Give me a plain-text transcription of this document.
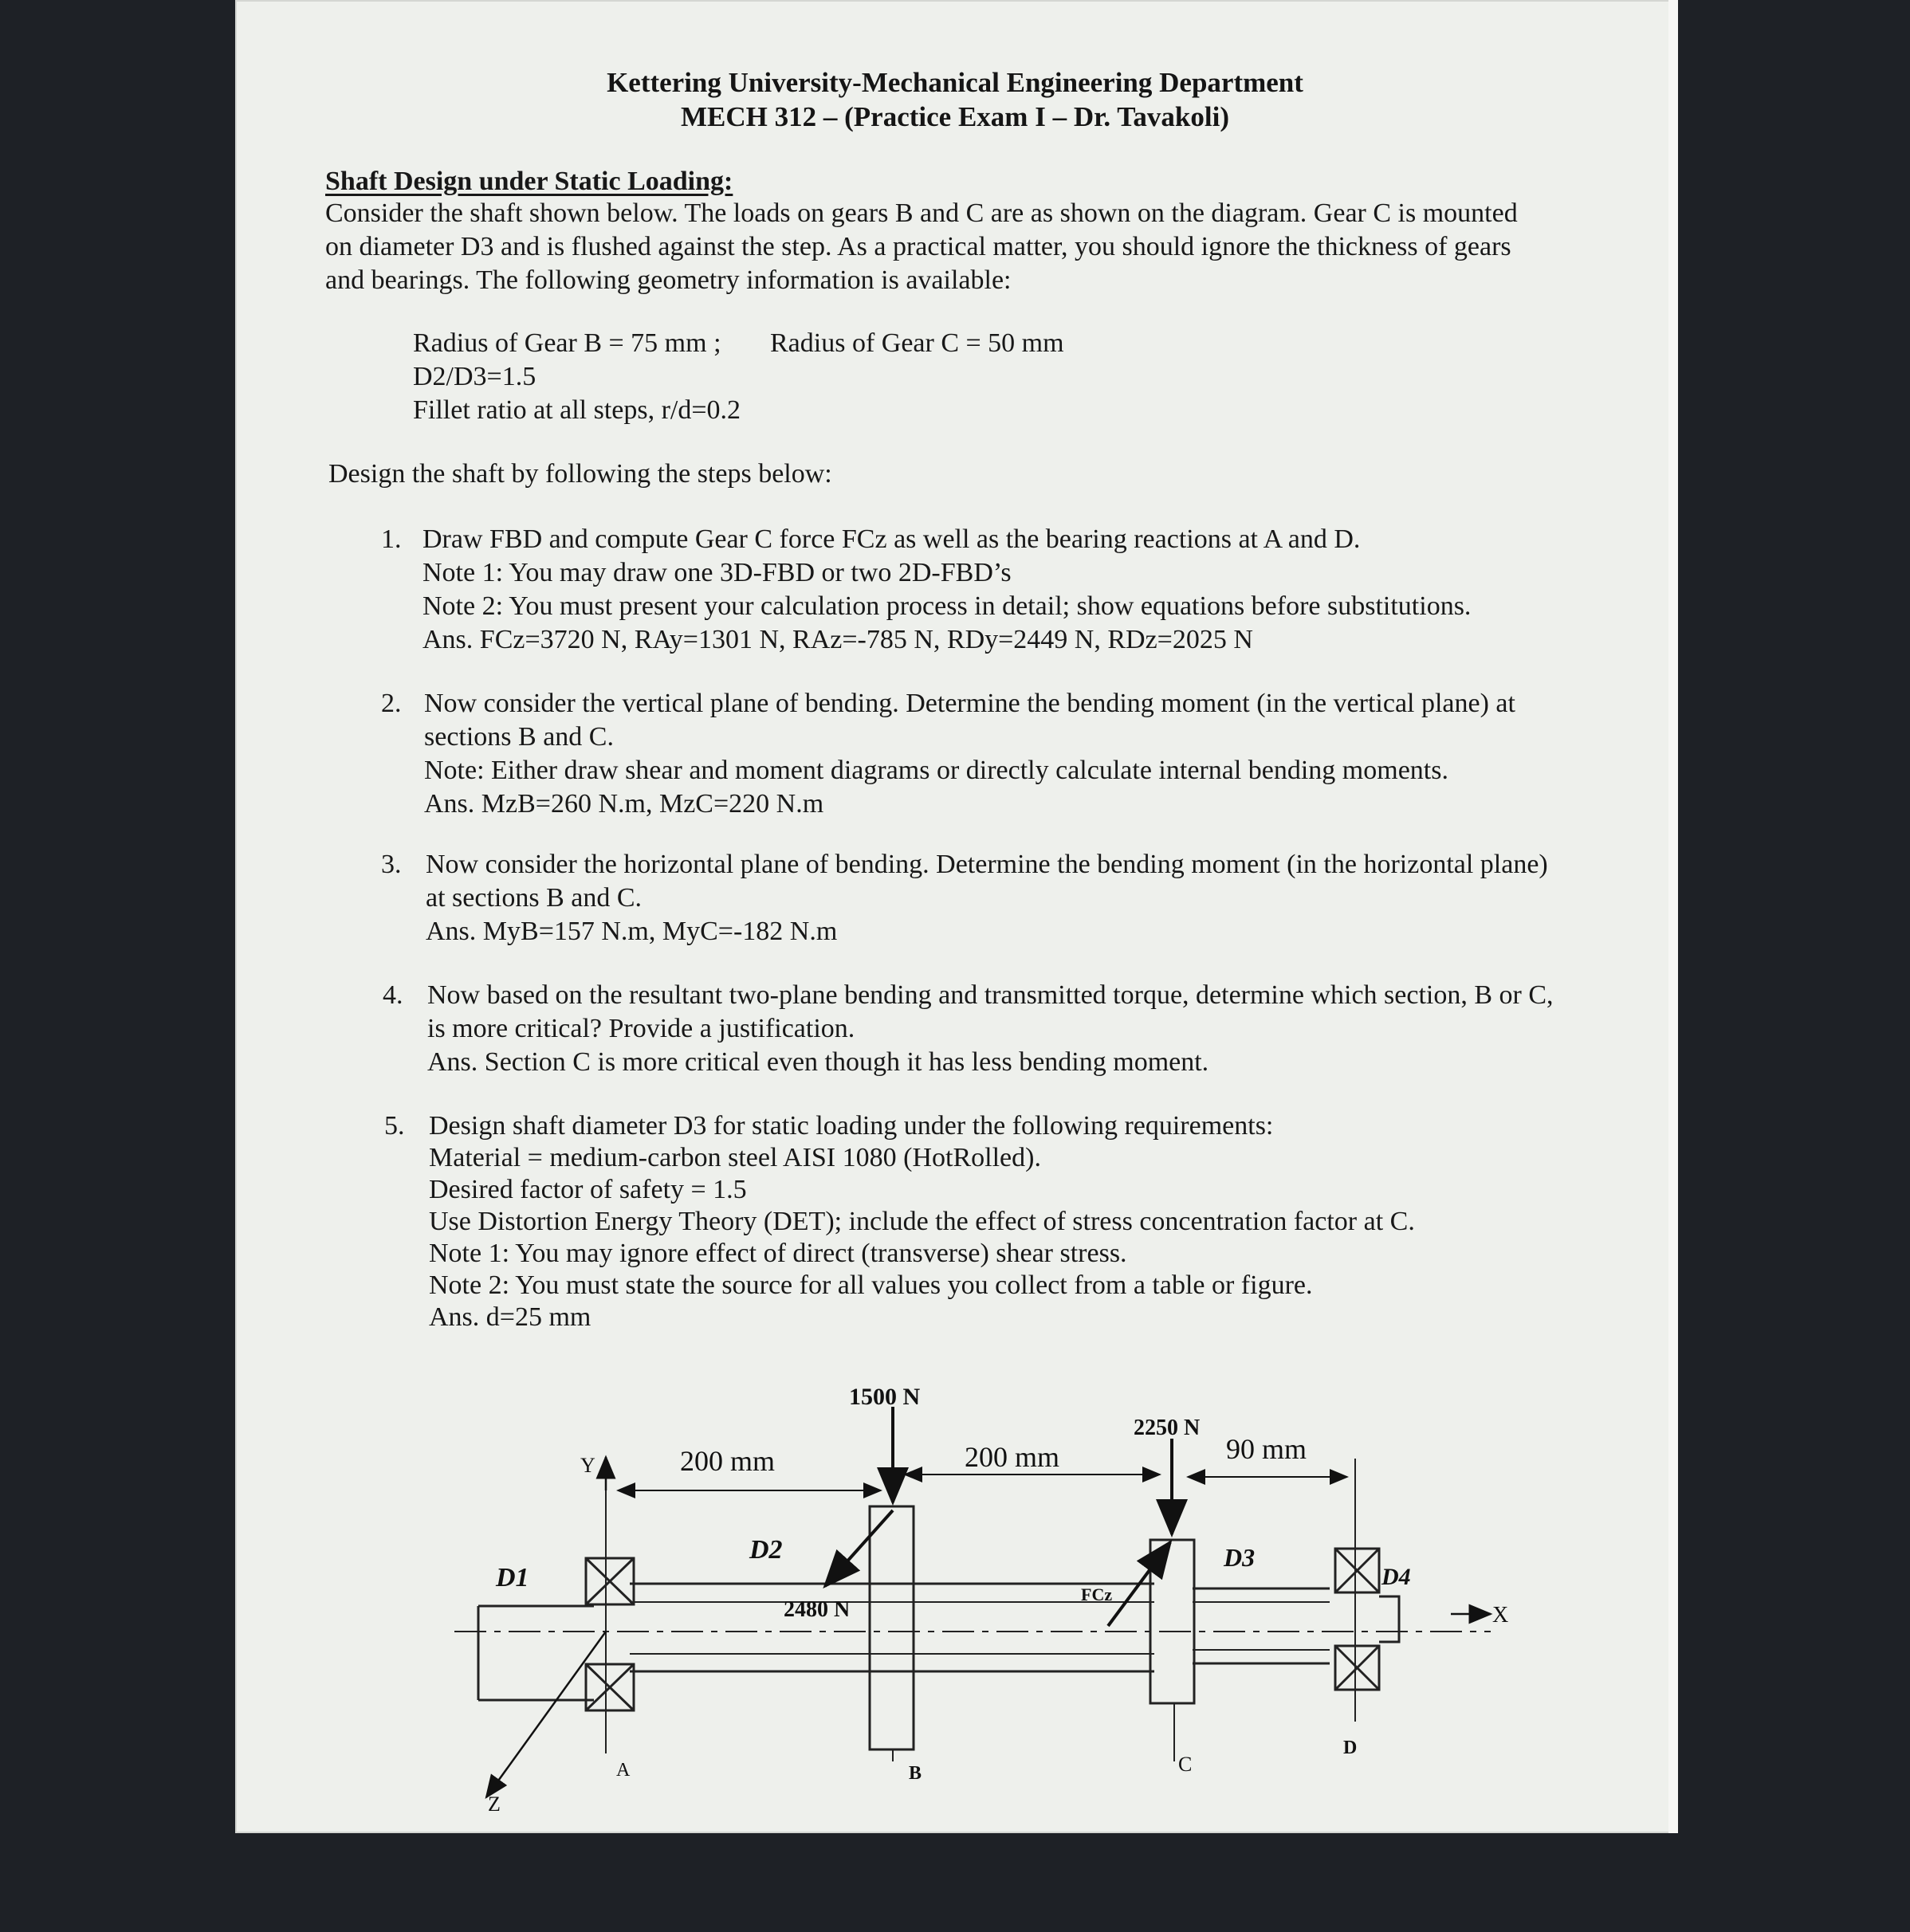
Kettering University-Mechanical Engineering Department
MECH 312 – (Practice Exam I – Dr. Tavakoli)
Shaft Design under Static Loading:
Consider the shaft shown below. The loads on gears B and C are as shown on the diagram. Gear C is mounted
on diameter D3 and is flushed against the step. As a practical matter, you should ignore the thickness of gears
and bearings. The following geometry information is available:
Radius of Gear B = 75 mm ; Radius of Gear C = 50 mm
D2/D3=1.5
Fillet ratio at all steps, r/d=0.2
Design the shaft by following the steps below:
1. Draw FBD and compute Gear C force FCz as well as the bearing reactions at A and D.
Note 1: You may draw one 3D-FBD or two 2D-FBD’s
Note 2: You must present your calculation process in detail; show equations before substitutions.
Ans. FCz=3720 N, RAy=1301 N, RAz=-785 N, RDy=2449 N, RDz=2025 N
2. Now consider the vertical plane of bending. Determine the bending moment (in the vertical plane) at
sections B and C.
Note: Either draw shear and moment diagrams or directly calculate internal bending moments.
Ans. MzB=260 N.m, MzC=220 N.m
3. Now consider the horizontal plane of bending. Determine the bending moment (in the horizontal plane)
at sections B and C.
Ans. MyB=157 N.m, MyC=-182 N.m
4. Now based on the resultant two-plane bending and transmitted torque, determine which section, B or C,
is more critical? Provide a justification.
Ans. Section C is more critical even though it has less bending moment.
5. Design shaft diameter D3 for static loading under the following requirements:
Material = medium-carbon steel AISI 1080 (HotRolled).
Desired factor of safety = 1.5
Use Distortion Energy Theory (DET); include the effect of stress concentration factor at C.
Note 1: You may ignore effect of direct (transverse) shear stress.
Note 2: You must state the source for all values you collect from a table or figure.
Ans. d=25 mm
1500 N
2480 N
2250 N
FCz
200 mm	200 mm	90 mm
D1
D2	D3
D4
A	B	C
D
X
Y
Z
